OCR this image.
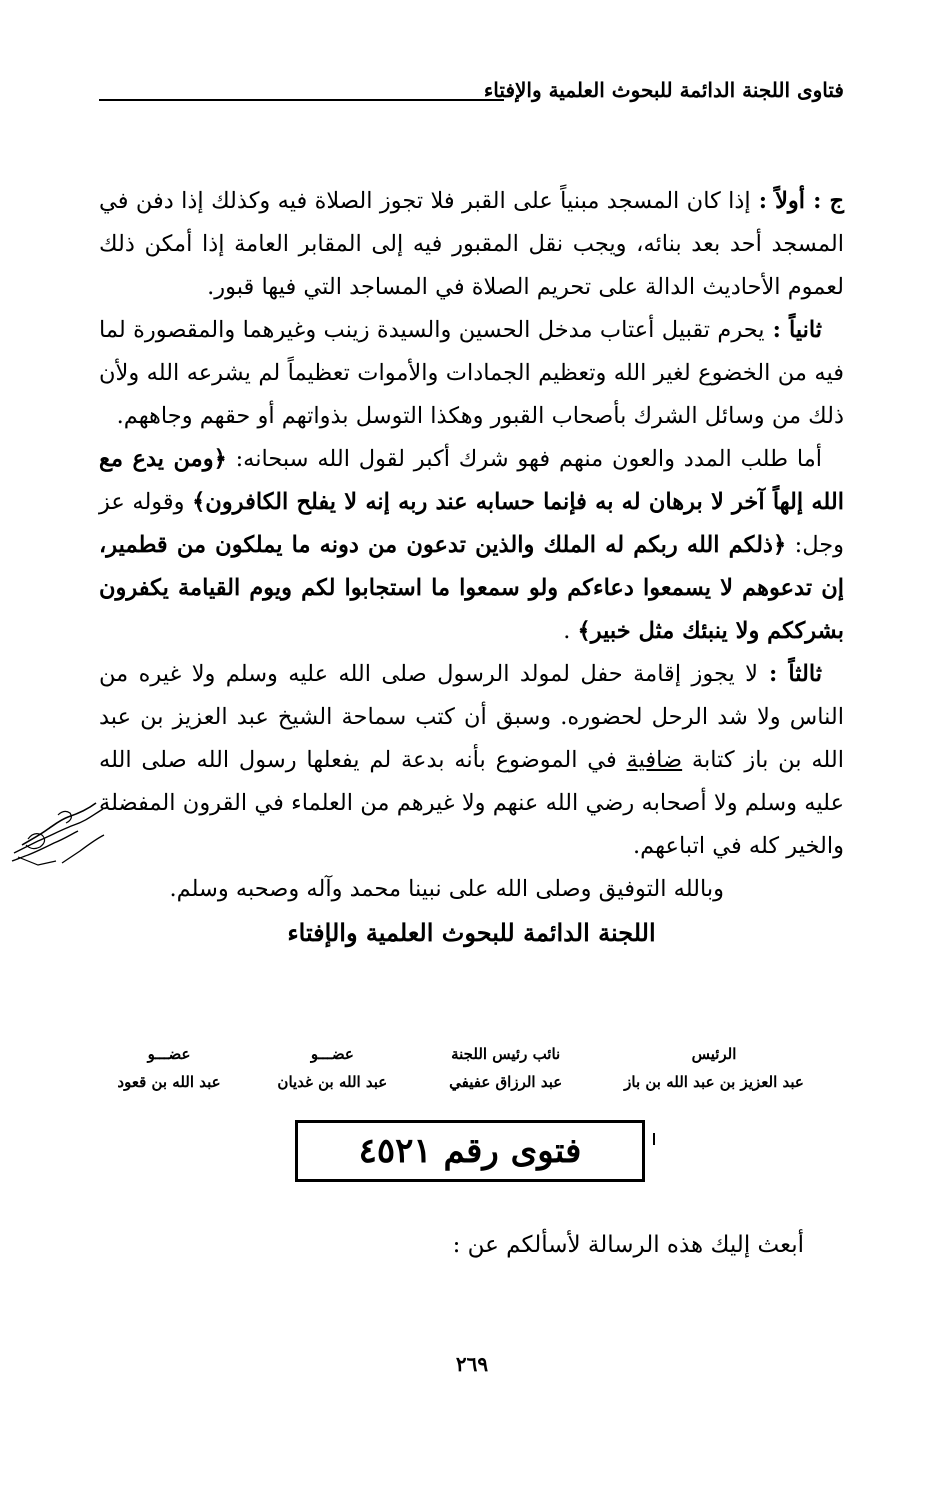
فتاوى اللجنة الدائمة للبحوث العلمية والإفتاء

ج : أولاً : إذا كان المسجد مبنياً على القبر فلا تجوز الصلاة فيه وكذلك إذا دفن في المسجد أحد بعد بنائه، ويجب نقل المقبور فيه إلى المقابر العامة إذا أمكن ذلك لعموم الأحاديث الدالة على تحريم الصلاة في المساجد التي فيها قبور.

ثانياً : يحرم تقبيل أعتاب مدخل الحسين والسيدة زينب وغيرهما والمقصورة لما فيه من الخضوع لغير الله وتعظيم الجمادات والأموات تعظيماً لم يشرعه الله ولأن ذلك من وسائل الشرك بأصحاب القبور وهكذا التوسل بذواتهم أو حقهم وجاههم.

أما طلب المدد والعون منهم فهو شرك أكبر لقول الله سبحانه: ﴿ومن يدع مع الله إلهاً آخر لا برهان له به فإنما حسابه عند ربه إنه لا يفلح الكافرون﴾ وقوله عز وجل: ﴿ذلكم الله ربكم له الملك والذين تدعون من دونه ما يملكون من قطمير، إن تدعوهم لا يسمعوا دعاءكم ولو سمعوا ما استجابوا لكم ويوم القيامة يكفرون بشرككم ولا ينبئك مثل خبير﴾ .

ثالثاً : لا يجوز إقامة حفل لمولد الرسول صلى الله عليه وسلم ولا غيره من الناس ولا شد الرحل لحضوره. وسبق أن كتب سماحة الشيخ عبد العزيز بن عبد الله بن باز كتابة ضافية في الموضوع بأنه بدعة لم يفعلها رسول الله صلى الله عليه وسلم ولا أصحابه رضي الله عنهم ولا غيرهم من العلماء في القرون المفضلة والخير كله في اتباعهم.

وبالله التوفيق وصلى الله على نبينا محمد وآله وصحبه وسلم.

اللجنة الدائمة للبحوث العلمية والإفتاء

الرئيس
عبد العزيز بن عبد الله بن باز
نائب رئيس اللجنة
عبد الرزاق عفيفي
عضـــو
عبد الله بن غديان
عضـــو
عبد الله بن قعود
فتوى رقم ٤٥٢١
أبعث إليك هذه الرسالة لأسألكم عن :
٢٦٩
